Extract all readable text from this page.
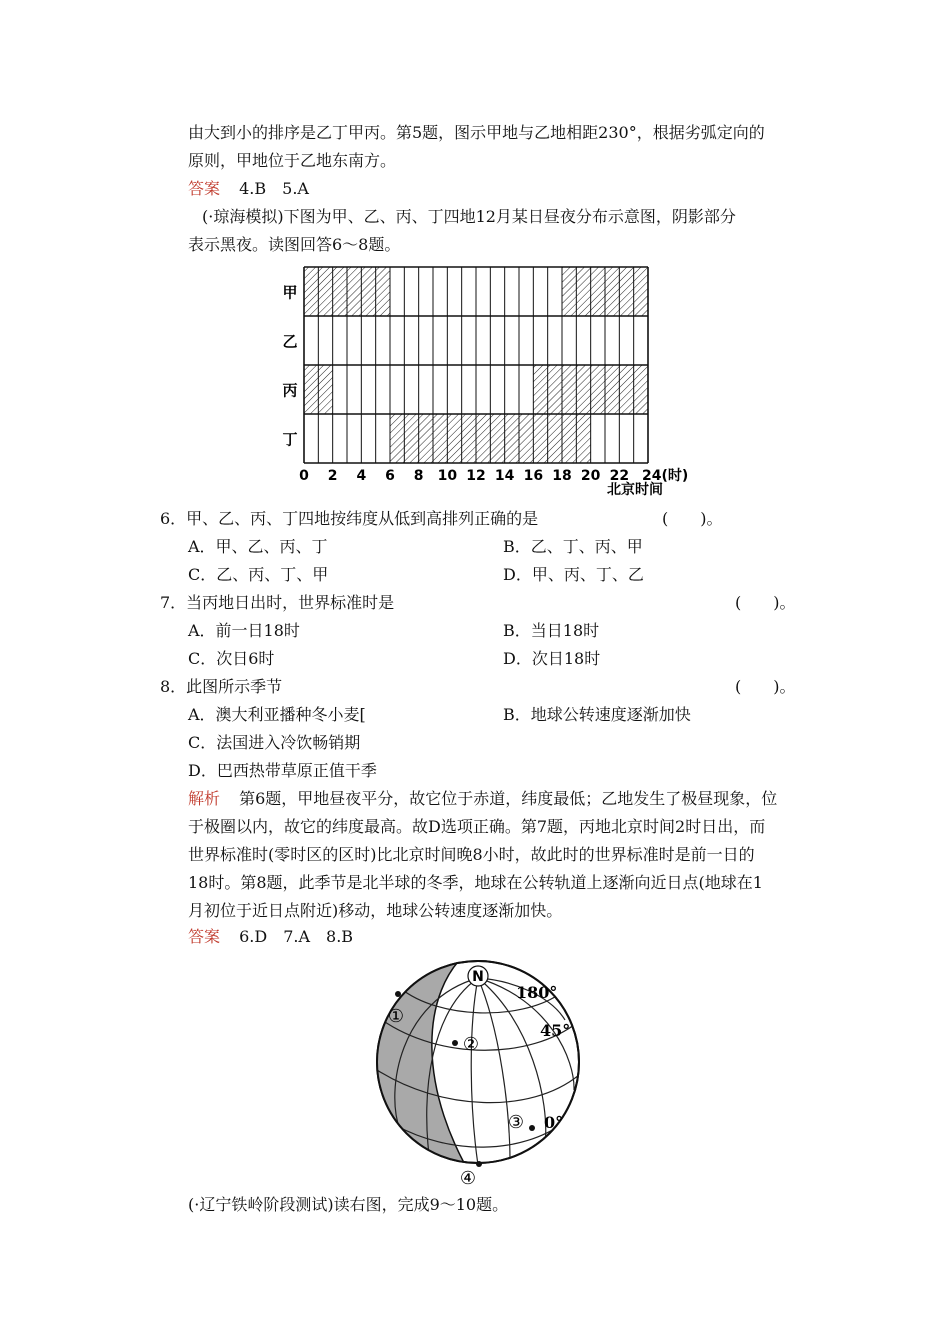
由大到小的排序是乙丁甲丙。第5题，图示甲地与乙地相距230°，根据劣弧定向的
原则，甲地位于乙地东南方。
答案 4.B　5.A
(·琼海模拟)下图为甲、乙、丙、丁四地12月某日昼夜分布示意图，阴影部分
表示黑夜。读图回答6～8题。
甲
乙
丙
丁
0 2 4 6 8 10 12 14 16 18 20 22 24(时)
北京时间
6．甲、乙、丙、丁四地按纬度从低到高排列正确的是	(　　)。
A．甲、乙、丙、丁	B．乙、丁、丙、甲
C．乙、丙、丁、甲	D．甲、丙、丁、乙
7．当丙地日出时，世界标准时是	(　　)。
A．前一日18时	B．当日18时
C．次日6时	D．次日18时
8．此图所示季节	(　　)。
A．澳大利亚播种冬小麦[	B．地球公转速度逐渐加快
C．法国进入冷饮畅销期
D．巴西热带草原正值干季
解析 第6题，甲地昼夜平分，故它位于赤道，纬度最低；乙地发生了极昼现象，位
于极圈以内，故它的纬度最高。故D选项正确。第7题，丙地北京时间2时日出，而
世界标准时(零时区的区时)比北京时间晚8小时，故此时的世界标准时是前一日的
18时。第8题，此季节是北半球的冬季，地球在公转轨道上逐渐向近日点(地球在1
月初位于近日点附近)移动，地球公转速度逐渐加快。
答案 6.D　7.A　8.B
N
180°
45°
0°
①
②
③
④
(·辽宁铁岭阶段测试)读右图，完成9～10题。
